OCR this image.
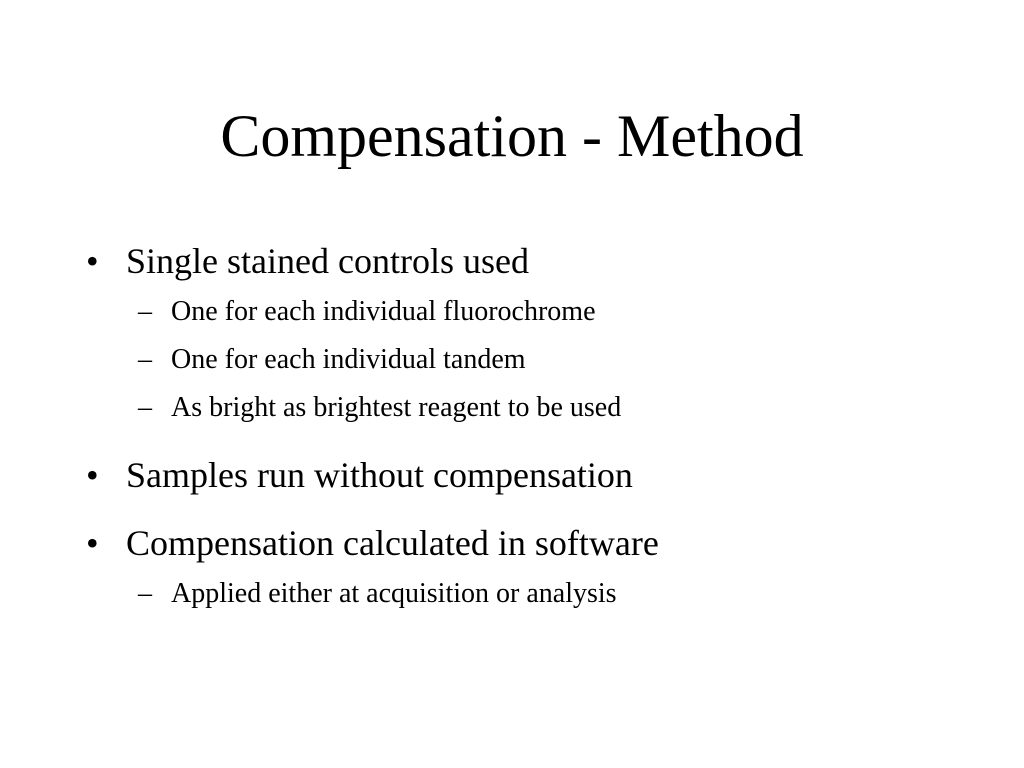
Compensation - Method
• Single stained controls used
– One for each individual fluorochrome
– One for each individual tandem
– As bright as brightest reagent to be used
• Samples run without compensation
• Compensation calculated in software
– Applied either at acquisition or analysis
